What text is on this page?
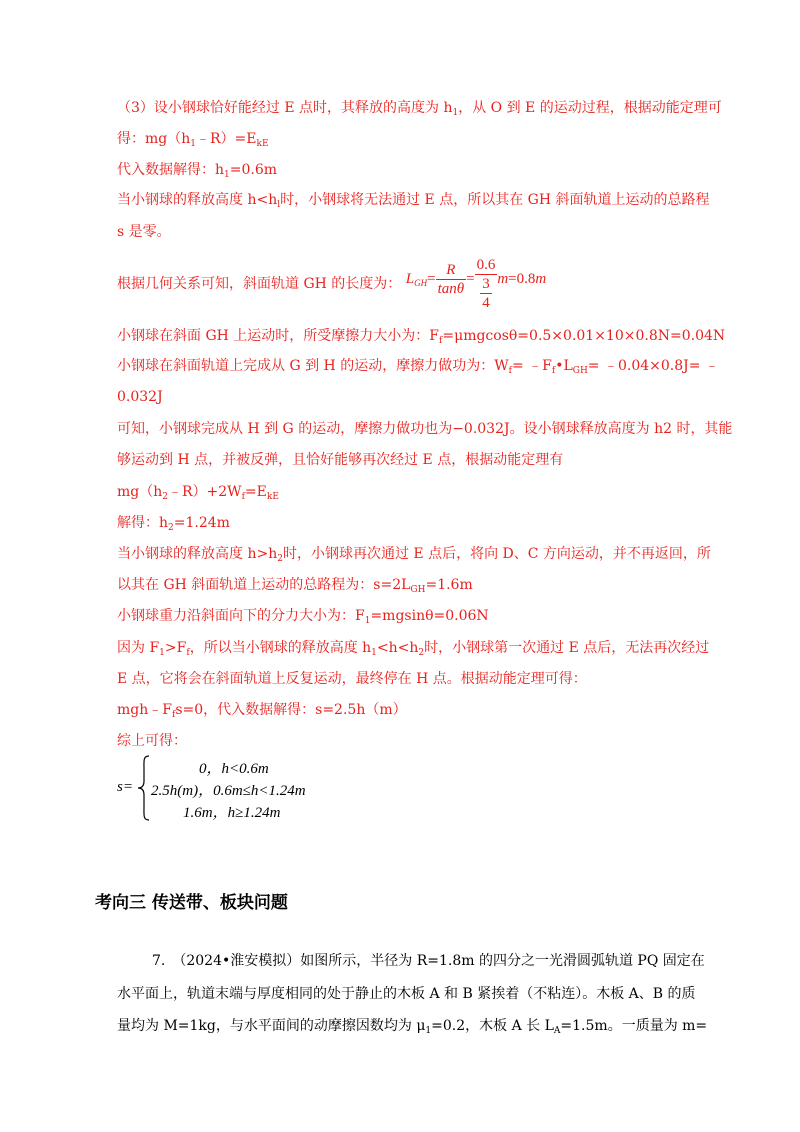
（3）设小钢球恰好能经过 E 点时，其释放的高度为 $h_1$，从 O 到 E 的运动过程，根据动能定理可
得：$mg(h_1﹣R)=E_{kE}$
代入数据解得：$h_1=0.6m$
当小钢球的释放高度 $h<h_l$时，小钢球将无法通过 E 点，所以其在 GH 斜面轨道上运动的总路程
s 是零。
根据几何关系可知，斜面轨道 GH 的长度为： $L_{GH}= \frac{R}{\tan\theta} = \frac{0.6}{\frac{3}{4}} m=0.8m$
小钢球在斜面 GH 上运动时，所受摩擦力大小为：$F_f=\mu mgcos\theta=0.5\times 0.01\times 10\times 0.8N=0.04N$
小钢球在斜面轨道上完成从 G 到 H 的运动，摩擦力做功为：$W_f=$ $﹣F_f•L_{GH}=$ ﹣0.04×0.8J= ﹣
0.032J
可知，小钢球完成从 H 到 G 的运动，摩擦力做功也为−0.032J。设小钢球释放高度为 h2 时，其能
够运动到 H 点，并被反弹，且恰好能够再次经过 E 点，根据动能定理有
$mg(h_2﹣R)+2W_f=E_{kE}$
解得：$h_2=1.24m$
当小钢球的释放高度 $h>h_2$时，小钢球再次通过 E 点后，将向 D、C 方向运动，并不再返回，所
以其在 GH 斜面轨道上运动的总路程为：$s=2L_{GH}=1.6m$
小钢球重力沿斜面向下的分力大小为：$F_1=mgsin\theta=0.06N$
因为 $F_1>F_f$，所以当小钢球的释放高度 $h_1<h<h_2$时，小钢球第一次通过 E 点后，无法再次经过
E 点，它将会在斜面轨道上反复运动，最终停在 H 点。根据动能定理可得：
$mgh﹣F_fs=0$，代入数据解得：s=2.5h（m）
综上可得：
s=
0，h<0.6m
2.5h(m)，0.6m≤h<1.24m
1.6m，h≥1.24m
考向三 传送带、板块问题
7.　（2024•淮安模拟）如图所示，半径为 R=1.8m 的四分之一光滑圆弧轨道 PQ 固定在
水平面上，轨道末端与厚度相同的处于静止的木板 A 和 B 紧挨着（不粘连）。木板 A、B 的质
量均为 M=1kg，与水平面间的动摩擦因数均为 $\mu_1=0.2$，木板 A 长 $L_A=1.5m$。一质量为 m=
